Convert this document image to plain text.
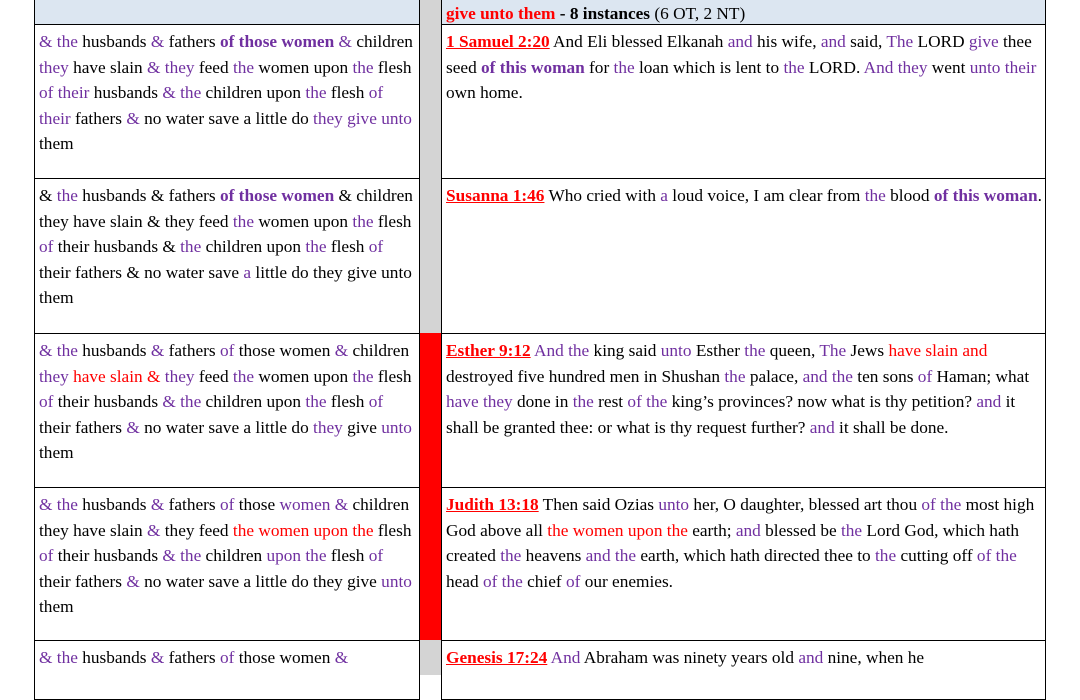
give unto them - 8 instances (6 OT, 2 NT)
& the husbands & fathers of those women & children they have slain & they feed the women upon the flesh of their husbands & the children upon the flesh of their fathers & no water save a little do they give unto them
1 Samuel 2:20 And Eli blessed Elkanah and his wife, and said, The LORD give thee seed of this woman for the loan which is lent to the LORD. And they went unto their own home.
& the husbands & fathers of those women & children they have slain & they feed the women upon the flesh of their husbands & the children upon the flesh of their fathers & no water save a little do they give unto them
Susanna 1:46 Who cried with a loud voice, I am clear from the blood of this woman.
& the husbands & fathers of those women & children they have slain & they feed the women upon the flesh of their husbands & the children upon the flesh of their fathers & no water save a little do they give unto them
Esther 9:12 And the king said unto Esther the queen, The Jews have slain and destroyed five hundred men in Shushan the palace, and the ten sons of Haman; what have they done in the rest of the king’s provinces? now what is thy petition? and it shall be granted thee: or what is thy request further? and it shall be done.
& the husbands & fathers of those women & children they have slain & they feed the women upon the flesh of their husbands & the children upon the flesh of their fathers & no water save a little do they give unto them
Judith 13:18 Then said Ozias unto her, O daughter, blessed art thou of the most high God above all the women upon the earth; and blessed be the Lord God, which hath created the heavens and the earth, which hath directed thee to the cutting off of the head of the chief of our enemies.
& the husbands & fathers of those women &	Genesis 17:24 And Abraham was ninety years old and nine, when he
